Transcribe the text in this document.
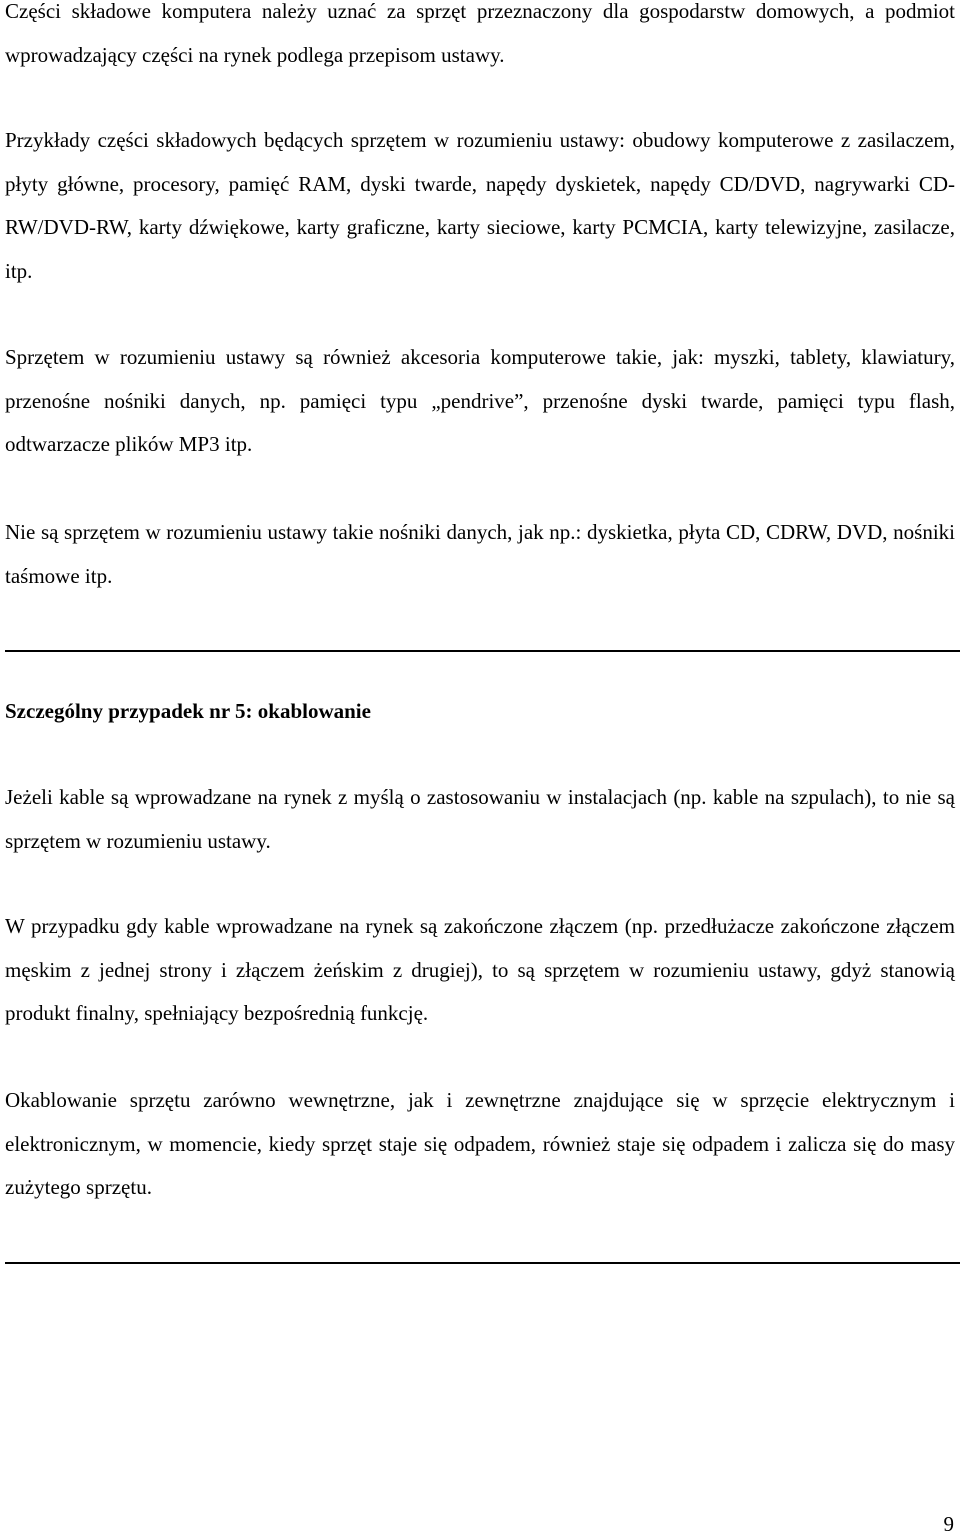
Części składowe komputera należy uznać za sprzęt przeznaczony dla gospodarstw domowych, a podmiot wprowadzający części na rynek podlega przepisom ustawy.

Przykłady części składowych będących sprzętem w rozumieniu ustawy: obudowy komputerowe z zasilaczem, płyty główne, procesory, pamięć RAM, dyski twarde, napędy dyskietek, napędy CD/DVD, nagrywarki CD-RW/DVD-RW, karty dźwiękowe, karty graficzne, karty sieciowe, karty PCMCIA, karty telewizyjne, zasilacze, itp.

Sprzętem w rozumieniu ustawy są również akcesoria komputerowe takie, jak: myszki, tablety, klawiatury, przenośne nośniki danych, np. pamięci typu „pendrive”, przenośne dyski twarde, pamięci typu flash, odtwarzacze plików MP3 itp.

Nie są sprzętem w rozumieniu ustawy takie nośniki danych, jak np.: dyskietka, płyta CD, CDRW, DVD, nośniki taśmowe itp.

Szczególny przypadek nr 5: okablowanie

Jeżeli kable są wprowadzane na rynek z myślą o zastosowaniu w instalacjach (np. kable na szpulach), to nie są sprzętem w rozumieniu ustawy.

W przypadku gdy kable wprowadzane na rynek są zakończone złączem (np. przedłużacze zakończone złączem męskim z jednej strony i złączem żeńskim z drugiej), to są sprzętem w rozumieniu ustawy, gdyż stanowią produkt finalny, spełniający bezpośrednią funkcję.

Okablowanie sprzętu zarówno wewnętrzne, jak i zewnętrzne znajdujące się w sprzęcie elektrycznym i elektronicznym, w momencie, kiedy sprzęt staje się odpadem, również staje się odpadem i zalicza się do masy zużytego sprzętu.

9
